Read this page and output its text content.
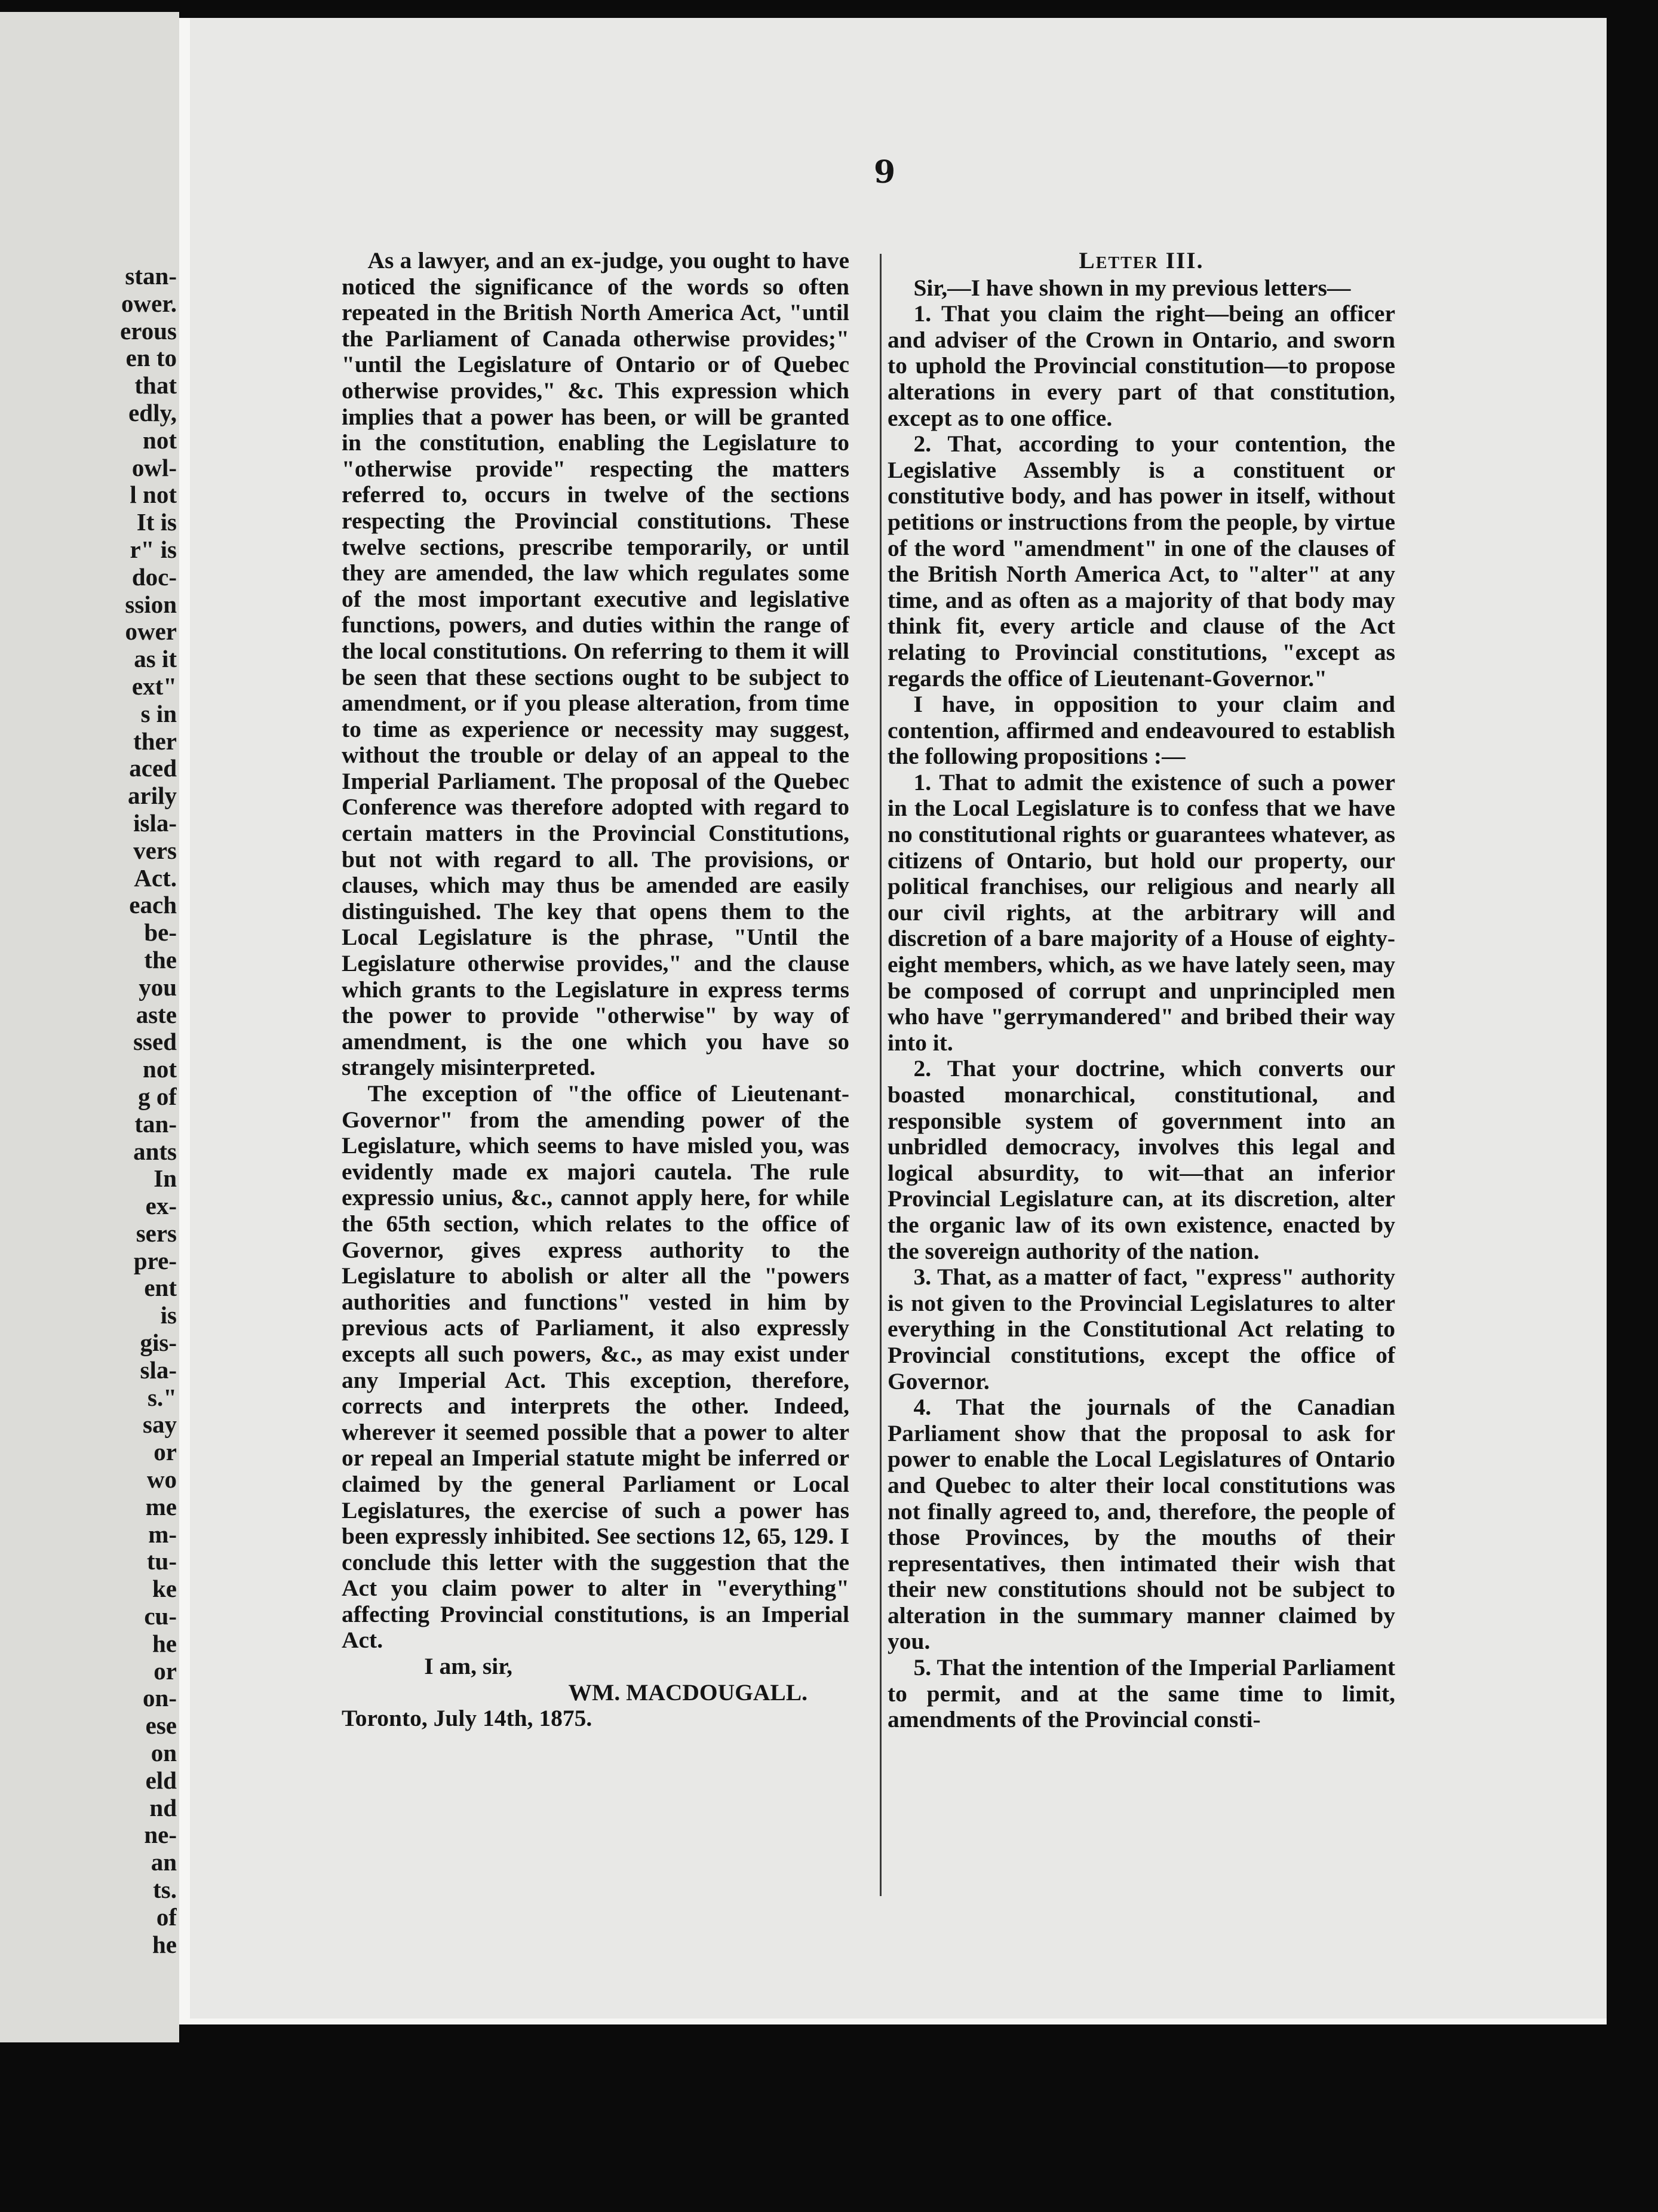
stan-
ower.
erous
en to
that
edly,
not
owl-
l not
It is
r" is
doc-
ssion
ower
as it
ext"
s in
ther
aced
arily
isla-
vers
Act.
each
be-
the
you
aste
ssed
not
g of
tan-
ants
In
ex-
sers
pre-
ent
is
gis-
sla-
s."
say
or
wo
me
m-
tu-
ke
cu-
he
or
on-
ese
on
eld
nd
ne-
an
ts.
of
he
9

As a lawyer, and an ex-judge, you ought to have noticed the significance of the words so often repeated in the British North America Act, "until the Parliament of Canada otherwise provides;" "until the Legislature of Ontario or of Quebec otherwise provides," &c. This expression which implies that a power has been, or will be granted in the constitution, enabling the Legislature to "otherwise provide" respecting the matters referred to, occurs in twelve of the sections respecting the Provincial constitutions. These twelve sections, prescribe temporarily, or until they are amended, the law which regulates some of the most important executive and legislative functions, powers, and duties within the range of the local constitutions. On referring to them it will be seen that these sections ought to be subject to amendment, or if you please alteration, from time to time as experience or necessity may suggest, without the trouble or delay of an appeal to the Imperial Parliament. The proposal of the Quebec Conference was therefore adopted with regard to certain matters in the Provincial Constitutions, but not with regard to all. The provisions, or clauses, which may thus be amended are easily distinguished. The key that opens them to the Local Legislature is the phrase, "Until the Legislature otherwise provides," and the clause which grants to the Legislature in express terms the power to provide "otherwise" by way of amendment, is the one which you have so strangely misinterpreted.

The exception of "the office of Lieutenant-Governor" from the amending power of the Legislature, which seems to have misled you, was evidently made ex majori cautela. The rule expressio unius, &c., cannot apply here, for while the 65th section, which relates to the office of Governor, gives express authority to the Legislature to abolish or alter all the "powers authorities and functions" vested in him by previous acts of Parliament, it also expressly excepts all such powers, &c., as may exist under any Imperial Act. This exception, therefore, corrects and interprets the other. Indeed, wherever it seemed possible that a power to alter or repeal an Imperial statute might be inferred or claimed by the general Parliament or Local Legislatures, the exercise of such a power has been expressly inhibited. See sections 12, 65, 129. I conclude this letter with the suggestion that the Act you claim power to alter in "everything" affecting Provincial constitutions, is an Imperial Act.

I am, sir,

WM. MACDOUGALL.

Toronto, July 14th, 1875.

Letter III.

Sir,—I have shown in my previous letters—

1. That you claim the right—being an officer and adviser of the Crown in Ontario, and sworn to uphold the Provincial constitution—to propose alterations in every part of that constitution, except as to one office.

2. That, according to your contention, the Legislative Assembly is a constituent or constitutive body, and has power in itself, without petitions or instructions from the people, by virtue of the word "amendment" in one of the clauses of the British North America Act, to "alter" at any time, and as often as a majority of that body may think fit, every article and clause of the Act relating to Provincial constitutions, "except as regards the office of Lieutenant-Governor."

I have, in opposition to your claim and contention, affirmed and endeavoured to establish the following propositions :—

1. That to admit the existence of such a power in the Local Legislature is to confess that we have no constitutional rights or guarantees whatever, as citizens of Ontario, but hold our property, our political franchises, our religious and nearly all our civil rights, at the arbitrary will and discretion of a bare majority of a House of eighty-eight members, which, as we have lately seen, may be composed of corrupt and unprincipled men who have "gerrymandered" and bribed their way into it.

2. That your doctrine, which converts our boasted monarchical, constitutional, and responsible system of government into an unbridled democracy, involves this legal and logical absurdity, to wit—that an inferior Provincial Legislature can, at its discretion, alter the organic law of its own existence, enacted by the sovereign authority of the nation.

3. That, as a matter of fact, "express" authority is not given to the Provincial Legislatures to alter everything in the Constitutional Act relating to Provincial constitutions, except the office of Governor.

4. That the journals of the Canadian Parliament show that the proposal to ask for power to enable the Local Legislatures of Ontario and Quebec to alter their local constitutions was not finally agreed to, and, therefore, the people of those Provinces, by the mouths of their representatives, then intimated their wish that their new constitutions should not be subject to alteration in the summary manner claimed by you.

5. That the intention of the Imperial Parliament to permit, and at the same time to limit, amendments of the Provincial consti-
